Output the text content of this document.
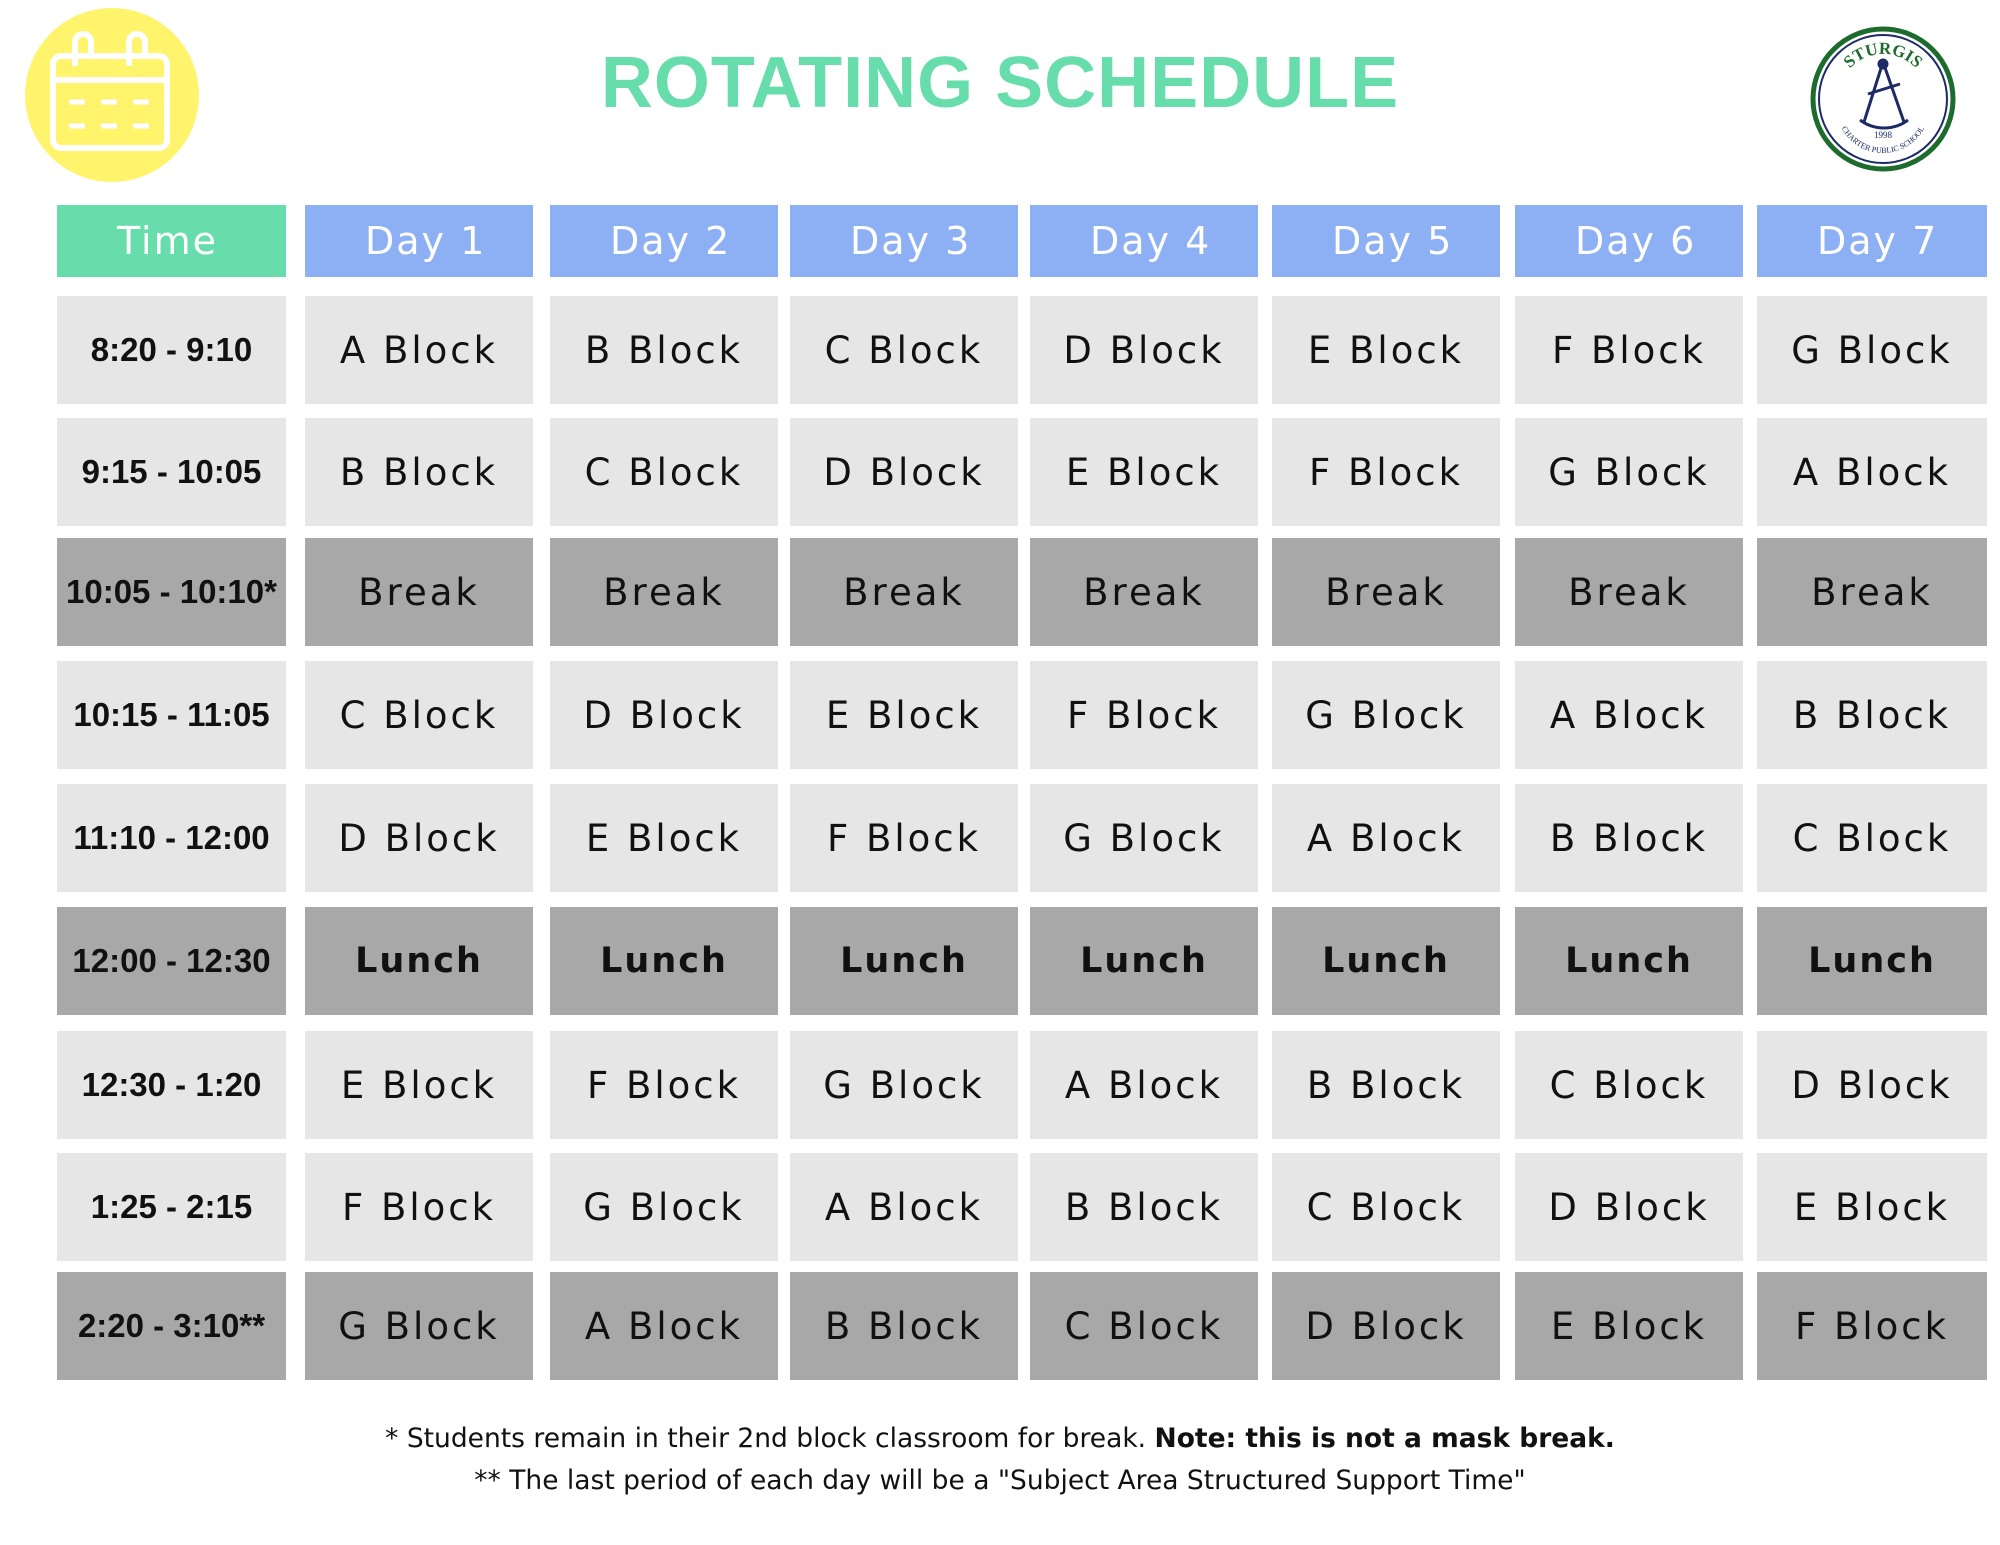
ROTATING SCHEDULE	STURGIS
CHARTER PUBLIC SCHOOL
1998
Time	Day 1	Day 2	Day 3	Day 4	Day 5	Day 6	Day 7
8:20 - 9:10	A Block	B Block	C Block	D Block	E Block	F Block	G Block
9:15 - 10:05	B Block	C Block	D Block	E Block	F Block	G Block	A Block
10:05 - 10:10*	Break	Break	Break	Break	Break	Break	Break
10:15 - 11:05	C Block	D Block	E Block	F Block	G Block	A Block	B Block
11:10 - 12:00	D Block	E Block	F Block	G Block	A Block	B Block	C Block
12:00 - 12:30	Lunch	Lunch	Lunch	Lunch	Lunch	Lunch	Lunch
12:30 - 1:20	E Block	F Block	G Block	A Block	B Block	C Block	D Block
1:25 - 2:15	F Block	G Block	A Block	B Block	C Block	D Block	E Block
2:20 - 3:10**	G Block	A Block	B Block	C Block	D Block	E Block	F Block
* Students remain in their 2nd block classroom for break. Note: this is not a mask break.
** The last period of each day will be a "Subject Area Structured Support Time"
